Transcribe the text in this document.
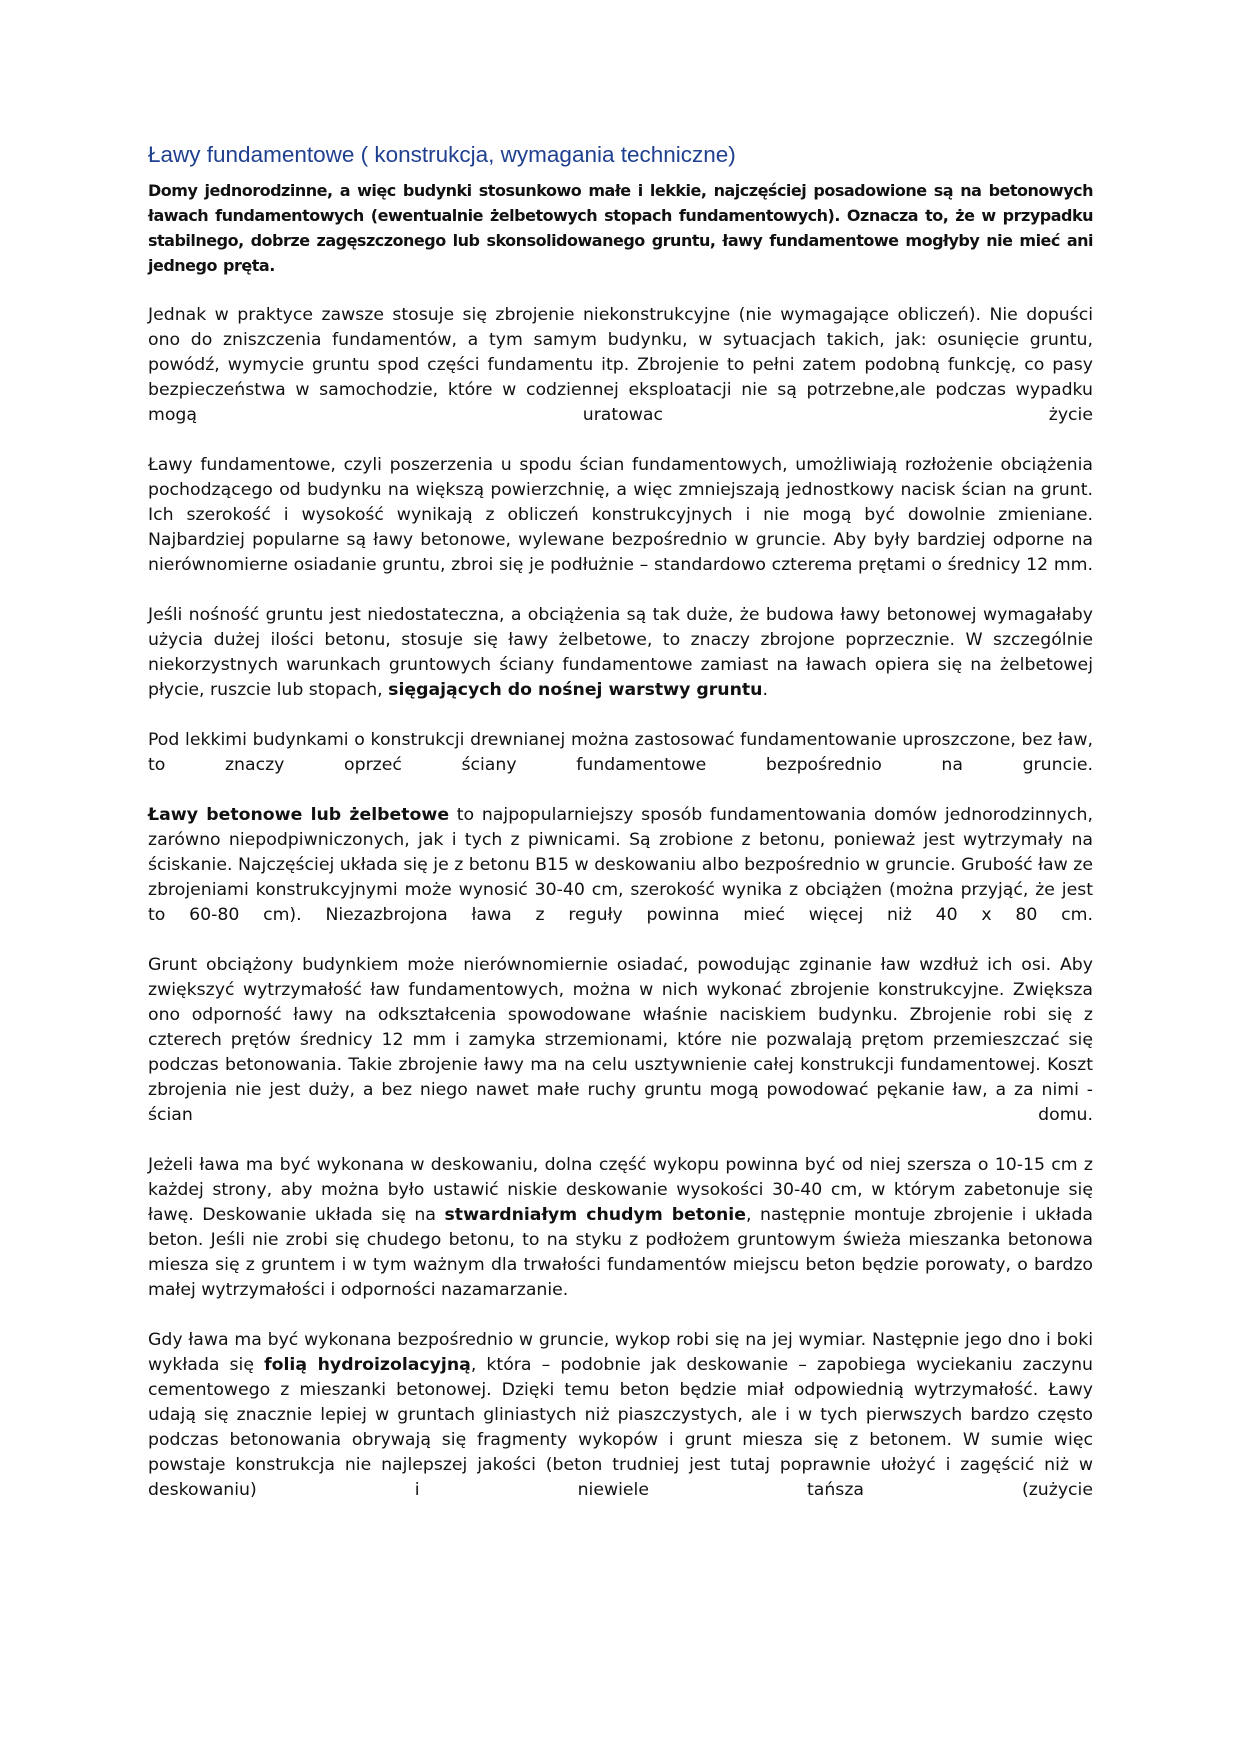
Ławy fundamentowe ( konstrukcja, wymagania techniczne)

Domy jednorodzinne, a więc budynki stosunkowo małe i lekkie, najczęściej posadowione są na betonowych ławach fundamentowych (ewentualnie żelbetowych stopach fundamentowych). Oznacza to, że w przypadku stabilnego, dobrze zagęszczonego lub skonsolidowanego gruntu, ławy fundamentowe mogłyby nie mieć ani jednego pręta.

Jednak w praktyce zawsze stosuje się zbrojenie niekonstrukcyjne (nie wymagające obliczeń). Nie dopuści ono do zniszczenia fundamentów, a tym samym budynku, w sytuacjach takich, jak: osunięcie gruntu, powódź, wymycie gruntu spod części fundamentu itp. Zbrojenie to pełni zatem podobną funkcję, co pasy bezpieczeństwa w samochodzie, które w codziennej eksploatacji nie są potrzebne,ale podczas wypadku mogą uratowac życie

Ławy fundamentowe, czyli poszerzenia u spodu ścian fundamentowych, umożliwiają rozłożenie obciążenia pochodzącego od budynku na większą powierzchnię, a więc zmniejszają jednostkowy nacisk ścian na grunt. Ich szerokość i wysokość wynikają z obliczeń konstrukcyjnych i nie mogą być dowolnie zmieniane. Najbardziej popularne są ławy betonowe, wylewane bezpośrednio w gruncie. Aby były bardziej odporne na nierównomierne osiadanie gruntu, zbroi się je podłużnie – standardowo czterema prętami o średnicy 12 mm.

Jeśli nośność gruntu jest niedostateczna, a obciążenia są tak duże, że budowa ławy betonowej wymagałaby użycia dużej ilości betonu, stosuje się ławy żelbetowe, to znaczy zbrojone poprzecznie. W szczególnie niekorzystnych warunkach gruntowych ściany fundamentowe zamiast na ławach opiera się na żelbetowej płycie, ruszcie lub stopach, sięgających do nośnej warstwy gruntu.

Pod lekkimi budynkami o konstrukcji drewnianej można zastosować fundamentowanie uproszczone, bez ław, to znaczy oprzeć ściany fundamentowe bezpośrednio na gruncie.

Ławy betonowe lub żelbetowe to najpopularniejszy sposób fundamentowania domów jednorodzinnych, zarówno niepodpiwniczonych, jak i tych z piwnicami. Są zrobione z betonu, ponieważ jest wytrzymały na ściskanie. Najczęściej układa się je z betonu B15 w deskowaniu albo bezpośrednio w gruncie. Grubość ław ze zbrojeniami konstrukcyjnymi może wynosić 30-40 cm, szerokość wynika z obciążen (można przyjąć, że jest to 60-80 cm). Niezazbrojona ława z reguły powinna mieć więcej niż 40 x 80 cm.

Grunt obciążony budynkiem może nierównomiernie osiadać, powodując zginanie ław wzdłuż ich osi. Aby zwiększyć wytrzymałość ław fundamentowych, można w nich wykonać zbrojenie konstrukcyjne. Zwiększa ono odporność ławy na odkształcenia spowodowane właśnie naciskiem budynku. Zbrojenie robi się z czterech prętów średnicy 12 mm i zamyka strzemionami, które nie pozwalają prętom przemieszczać się podczas betonowania. Takie zbrojenie ławy ma na celu usztywnienie całej konstrukcji fundamentowej. Koszt zbrojenia nie jest duży, a bez niego nawet małe ruchy gruntu mogą powodować pękanie ław, a za nimi - ścian domu.

Jeżeli ława ma być wykonana w deskowaniu, dolna część wykopu powinna być od niej szersza o 10-15 cm z każdej strony, aby można było ustawić niskie deskowanie wysokości 30-40 cm, w którym zabetonuje się ławę. Deskowanie układa się na stwardniałym chudym betonie, następnie montuje zbrojenie i układa beton. Jeśli nie zrobi się chudego betonu, to na styku z podłożem gruntowym świeża mieszanka betonowa miesza się z gruntem i w tym ważnym dla trwałości fundamentów miejscu beton będzie porowaty, o bardzo małej wytrzymałości i odporności nazamarzanie.

Gdy ława ma być wykonana bezpośrednio w gruncie, wykop robi się na jej wymiar. Następnie jego dno i boki wykłada się folią hydroizolacyjną, która – podobnie jak deskowanie – zapobiega wyciekaniu zaczynu cementowego z mieszanki betonowej. Dzięki temu beton będzie miał odpowiednią wytrzymałość. Ławy udają się znacznie lepiej w gruntach gliniastych niż piaszczystych, ale i w tych pierwszych bardzo często podczas betonowania obrywają się fragmenty wykopów i grunt miesza się z betonem. W sumie więc powstaje konstrukcja nie najlepszej jakości (beton trudniej jest tutaj poprawnie ułożyć i zagęścić niż w deskowaniu) i niewiele tańsza (zużycie
